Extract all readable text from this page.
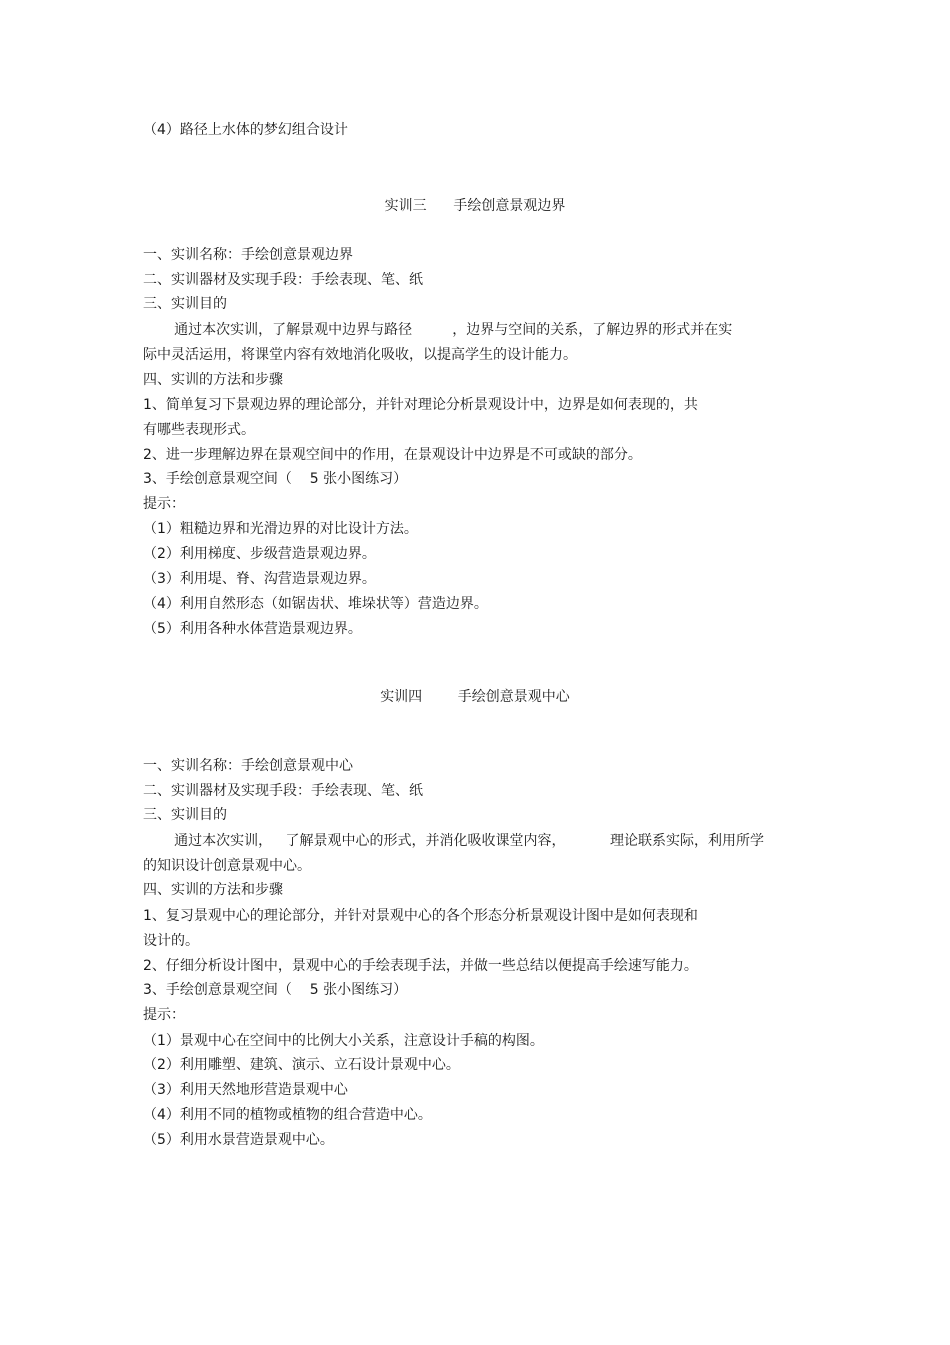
（4）路径上水体的梦幻组合设计
实训三      手绘创意景观边界
一、实训名称：手绘创意景观边界
二、实训器材及实现手段：手绘表现、笔、纸
三、实训目的
通过本次实训，了解景观中边界与路径         ，边界与空间的关系，了解边界的形式并在实
际中灵活运用，将课堂内容有效地消化吸收，以提高学生的设计能力。
四、实训的方法和步骤
1、简单复习下景观边界的理论部分，并针对理论分析景观设计中，边界是如何表现的，共
有哪些表现形式。
2、进一步理解边界在景观空间中的作用，在景观设计中边界是不可或缺的部分。
3、手绘创意景观空间（    5 张小图练习）
提示：
（1）粗糙边界和光滑边界的对比设计方法。
（2）利用梯度、步级营造景观边界。
（3）利用堤、脊、沟营造景观边界。
（4）利用自然形态（如锯齿状、堆垛状等）营造边界。
（5）利用各种水体营造景观边界。
实训四        手绘创意景观中心
一、实训名称：手绘创意景观中心
二、实训器材及实现手段：手绘表现、笔、纸
三、实训目的
通过本次实训，   了解景观中心的形式，并消化吸收课堂内容，          理论联系实际，利用所学
的知识设计创意景观中心。
四、实训的方法和步骤
1、复习景观中心的理论部分，并针对景观中心的各个形态分析景观设计图中是如何表现和
设计的。
2、仔细分析设计图中，景观中心的手绘表现手法，并做一些总结以便提高手绘速写能力。
3、手绘创意景观空间（    5 张小图练习）
提示：
（1）景观中心在空间中的比例大小关系，注意设计手稿的构图。
（2）利用雕塑、建筑、演示、立石设计景观中心。
（3）利用天然地形营造景观中心
（4）利用不同的植物或植物的组合营造中心。
（5）利用水景营造景观中心。
